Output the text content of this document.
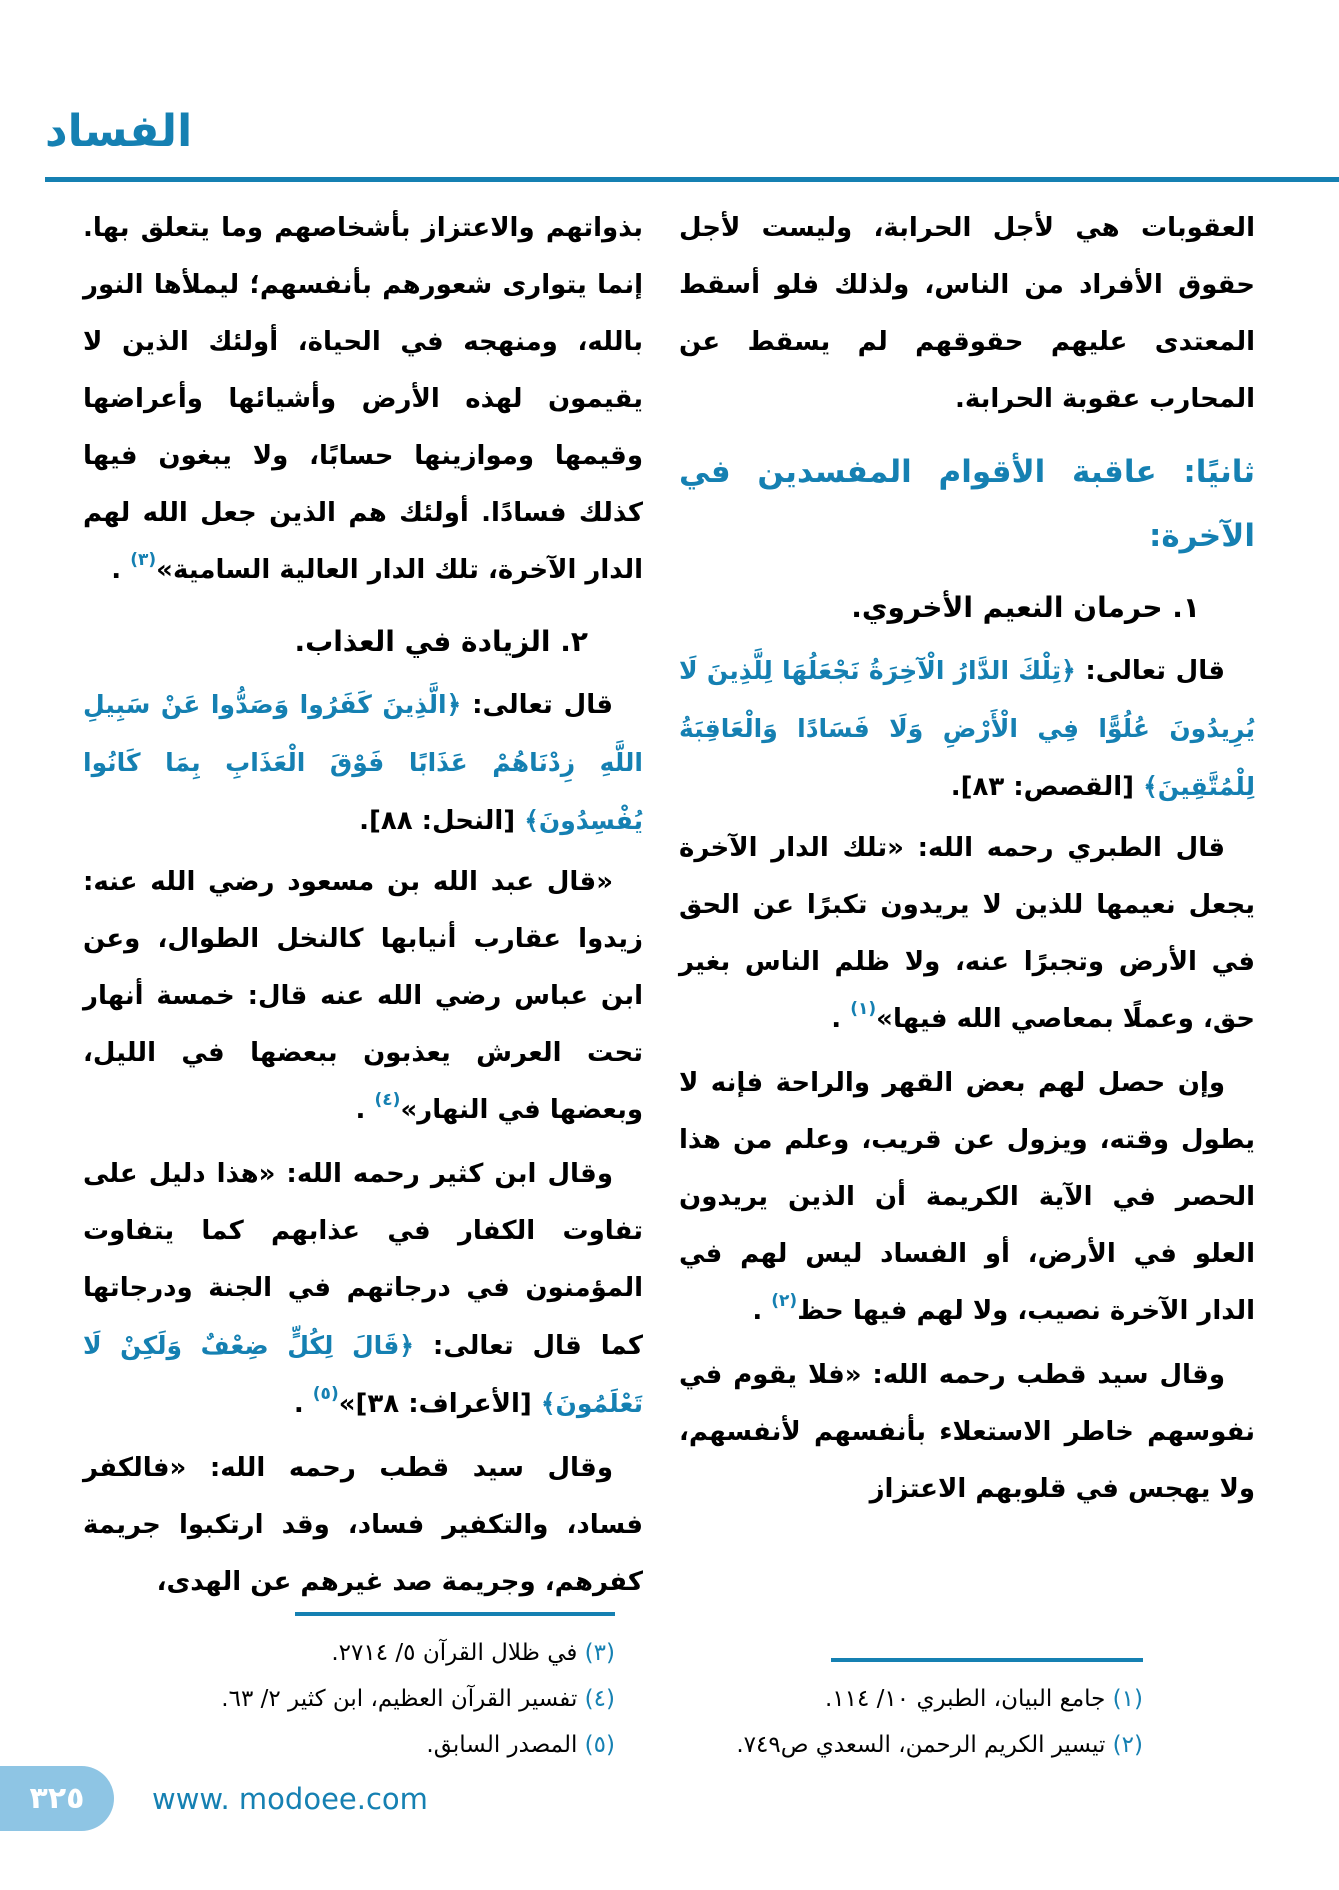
الفساد

العقوبات هي لأجل الحرابة، وليست لأجل حقوق الأفراد من الناس، ولذلك فلو أسقط المعتدى عليهم حقوقهم لم يسقط عن المحارب عقوبة الحرابة.

ثانيًا: عاقبة الأقوام المفسدين في الآخرة:
١. حرمان النعيم الأخروي.

قال تعالى: ﴿تِلْكَ الدَّارُ الْآخِرَةُ نَجْعَلُهَا لِلَّذِينَ لَا يُرِيدُونَ عُلُوًّا فِي الْأَرْضِ وَلَا فَسَادًا وَالْعَاقِبَةُ لِلْمُتَّقِينَ﴾ [القصص: ٨٣].

قال الطبري رحمه الله: «تلك الدار الآخرة يجعل نعيمها للذين لا يريدون تكبرًا عن الحق في الأرض وتجبرًا عنه، ولا ظلم الناس بغير حق، وعملًا بمعاصي الله فيها»$^{(١)}$ .

وإن حصل لهم بعض القهر والراحة فإنه لا يطول وقته، ويزول عن قريب، وعلم من هذا الحصر في الآية الكريمة أن الذين يريدون العلو في الأرض، أو الفساد ليس لهم في الدار الآخرة نصيب، ولا لهم فيها حظ$^{(٢)}$ .

وقال سيد قطب رحمه الله: «فلا يقوم في نفوسهم خاطر الاستعلاء بأنفسهم لأنفسهم، ولا يهجس في قلوبهم الاعتزاز

(١) جامع البيان، الطبري ١٠/ ١١٤.
(٢) تيسير الكريم الرحمن، السعدي ص٧٤٩.

بذواتهم والاعتزاز بأشخاصهم وما يتعلق بها. إنما يتوارى شعورهم بأنفسهم؛ ليملأها النور بالله، ومنهجه في الحياة، أولئك الذين لا يقيمون لهذه الأرض وأشيائها وأعراضها وقيمها وموازينها حسابًا، ولا يبغون فيها كذلك فسادًا. أولئك هم الذين جعل الله لهم الدار الآخرة، تلك الدار العالية السامية»$^{(٣)}$ .

٢. الزيادة في العذاب.

قال تعالى: ﴿الَّذِينَ كَفَرُوا وَصَدُّوا عَنْ سَبِيلِ اللَّهِ زِدْنَاهُمْ عَذَابًا فَوْقَ الْعَذَابِ بِمَا كَانُوا يُفْسِدُونَ﴾ [النحل: ٨٨].

«قال عبد الله بن مسعود رضي الله عنه: زيدوا عقارب أنيابها كالنخل الطوال، وعن ابن عباس رضي الله عنه قال: خمسة أنهار تحت العرش يعذبون ببعضها في الليل، وبعضها في النهار»$^{(٤)}$ .

وقال ابن كثير رحمه الله: «هذا دليل على تفاوت الكفار في عذابهم كما يتفاوت المؤمنون في درجاتهم في الجنة ودرجاتها كما قال تعالى: ﴿قَالَ لِكُلٍّ ضِعْفٌ وَلَكِنْ لَا تَعْلَمُونَ﴾ [الأعراف: ٣٨]»$^{(٥)}$ .

وقال سيد قطب رحمه الله: «فالكفر فساد، والتكفير فساد، وقد ارتكبوا جريمة كفرهم، وجريمة صد غيرهم عن الهدى،

(٣) في ظلال القرآن ٥/ ٢٧١٤.
(٤) تفسير القرآن العظيم، ابن كثير ٢/ ٦٣.
(٥) المصدر السابق.
٣٢٥ www. modoee.com
